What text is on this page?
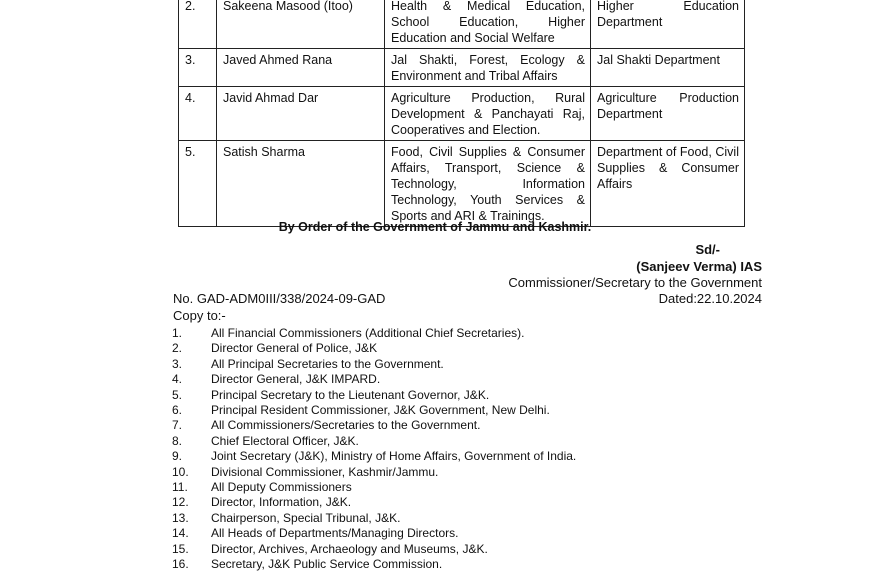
2.	Sakeena Masood (Itoo)	Health & Medical Education, School Education, Higher Education and Social Welfare	Higher Education Department
3.	Javed Ahmed Rana	Jal Shakti, Forest, Ecology & Environment and Tribal Affairs	Jal Shakti Department
4.	Javid Ahmad Dar	Agriculture Production, Rural Development & Panchayati Raj, Cooperatives and Election.	Agriculture Production Department
5.	Satish Sharma	Food, Civil Supplies & Consumer Affairs, Transport, Science & Technology, Information Technology, Youth Services & Sports and ARI & Trainings.	Department of Food, Civil Supplies & Consumer Affairs
By Order of the Government of Jammu and Kashmir.
Sd/-
(Sanjeev Verma) IAS
Commissioner/Secretary to the Government
Dated:22.10.2024
No. GAD-ADM0III/338/2024-09-GAD
Copy to:-
1.	All Financial Commissioners (Additional Chief Secretaries).
2.	Director General of Police, J&K
3.	All Principal Secretaries to the Government.
4.	Director General, J&K IMPARD.
5.	Principal Secretary to the Lieutenant Governor, J&K.
6.	Principal Resident Commissioner, J&K Government, New Delhi.
7.	All Commissioners/Secretaries to the Government.
8.	Chief Electoral Officer, J&K.
9.	Joint Secretary (J&K), Ministry of Home Affairs, Government of India.
10.	Divisional Commissioner, Kashmir/Jammu.
11.	All Deputy Commissioners
12.	Director, Information, J&K.
13.	Chairperson, Special Tribunal, J&K.
14.	All Heads of Departments/Managing Directors.
15.	Director, Archives, Archaeology and Museums, J&K.
16.	Secretary, J&K Public Service Commission.
